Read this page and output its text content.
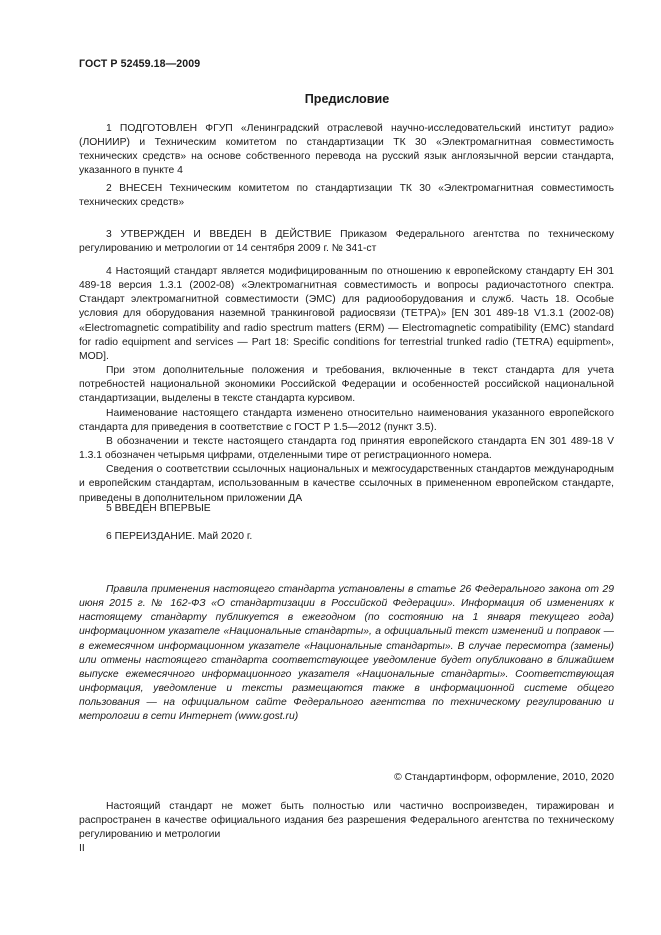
ГОСТ Р 52459.18—2009
Предисловие

1 ПОДГОТОВЛЕН ФГУП «Ленинградский отраслевой научно-исследовательский институт радио» (ЛОНИИР) и Техническим комитетом по стандартизации ТК 30 «Электромагнитная совместимость технических средств» на основе собственного перевода на русский язык англоязычной версии стандарта, указанного в пункте 4

2 ВНЕСЕН Техническим комитетом по стандартизации ТК 30 «Электромагнитная совместимость технических средств»

3 УТВЕРЖДЕН И ВВЕДЕН В ДЕЙСТВИЕ Приказом Федерального агентства по техническому регулированию и метрологии от 14 сентября 2009 г. № 341-ст

4 Настоящий стандарт является модифицированным по отношению к европейскому стандарту ЕН 301 489-18 версия 1.3.1 (2002-08) «Электромагнитная совместимость и вопросы радиочастотного спектра. Стандарт электромагнитной совместимости (ЭМС) для радиооборудования и служб. Часть 18. Особые условия для оборудования наземной транкинговой радиосвязи (ТЕТРА)» [EN 301 489-18 V1.3.1 (2002-08) «Electromagnetic compatibility and radio spectrum matters (ERM) — Electromagnetic compatibility (EMC) standard for radio equipment and services — Part 18: Specific conditions for terrestrial trunked radio (TETRA) equipment», MOD].

При этом дополнительные положения и требования, включенные в текст стандарта для учета потребностей национальной экономики Российской Федерации и особенностей российской национальной стандартизации, выделены в тексте стандарта курсивом.

Наименование настоящего стандарта изменено относительно наименования указанного европейского стандарта для приведения в соответствие с ГОСТ Р 1.5—2012 (пункт 3.5).

В обозначении и тексте настоящего стандарта год принятия европейского стандарта EN 301 489-18 V 1.3.1 обозначен четырьмя цифрами, отделенными тире от регистрационного номера.

Сведения о соответствии ссылочных национальных и межгосударственных стандартов международным и европейским стандартам, использованным в качестве ссылочных в примененном европейском стандарте, приведены в дополнительном приложении ДА

5 ВВЕДЕН ВПЕРВЫЕ

6 ПЕРЕИЗДАНИЕ. Май 2020 г.

Правила применения настоящего стандарта установлены в статье 26 Федерального закона от 29 июня 2015 г. № 162-ФЗ «О стандартизации в Российской Федерации». Информация об изменениях к настоящему стандарту публикуется в ежегодном (по состоянию на 1 января текущего года) информационном указателе «Национальные стандарты», а официальный текст изменений и поправок — в ежемесячном информационном указателе «Национальные стандарты». В случае пересмотра (замены) или отмены настоящего стандарта соответствующее уведомление будет опубликовано в ближайшем выпуске ежемесячного информационного указателя «Национальные стандарты». Соответствующая информация, уведомление и тексты размещаются также в информационной системе общего пользования — на официальном сайте Федерального агентства по техническому регулированию и метрологии в сети Интернет (www.gost.ru)

© Стандартинформ, оформление, 2010, 2020

Настоящий стандарт не может быть полностью или частично воспроизведен, тиражирован и распространен в качестве официального издания без разрешения Федерального агентства по техническому регулированию и метрологии

II
